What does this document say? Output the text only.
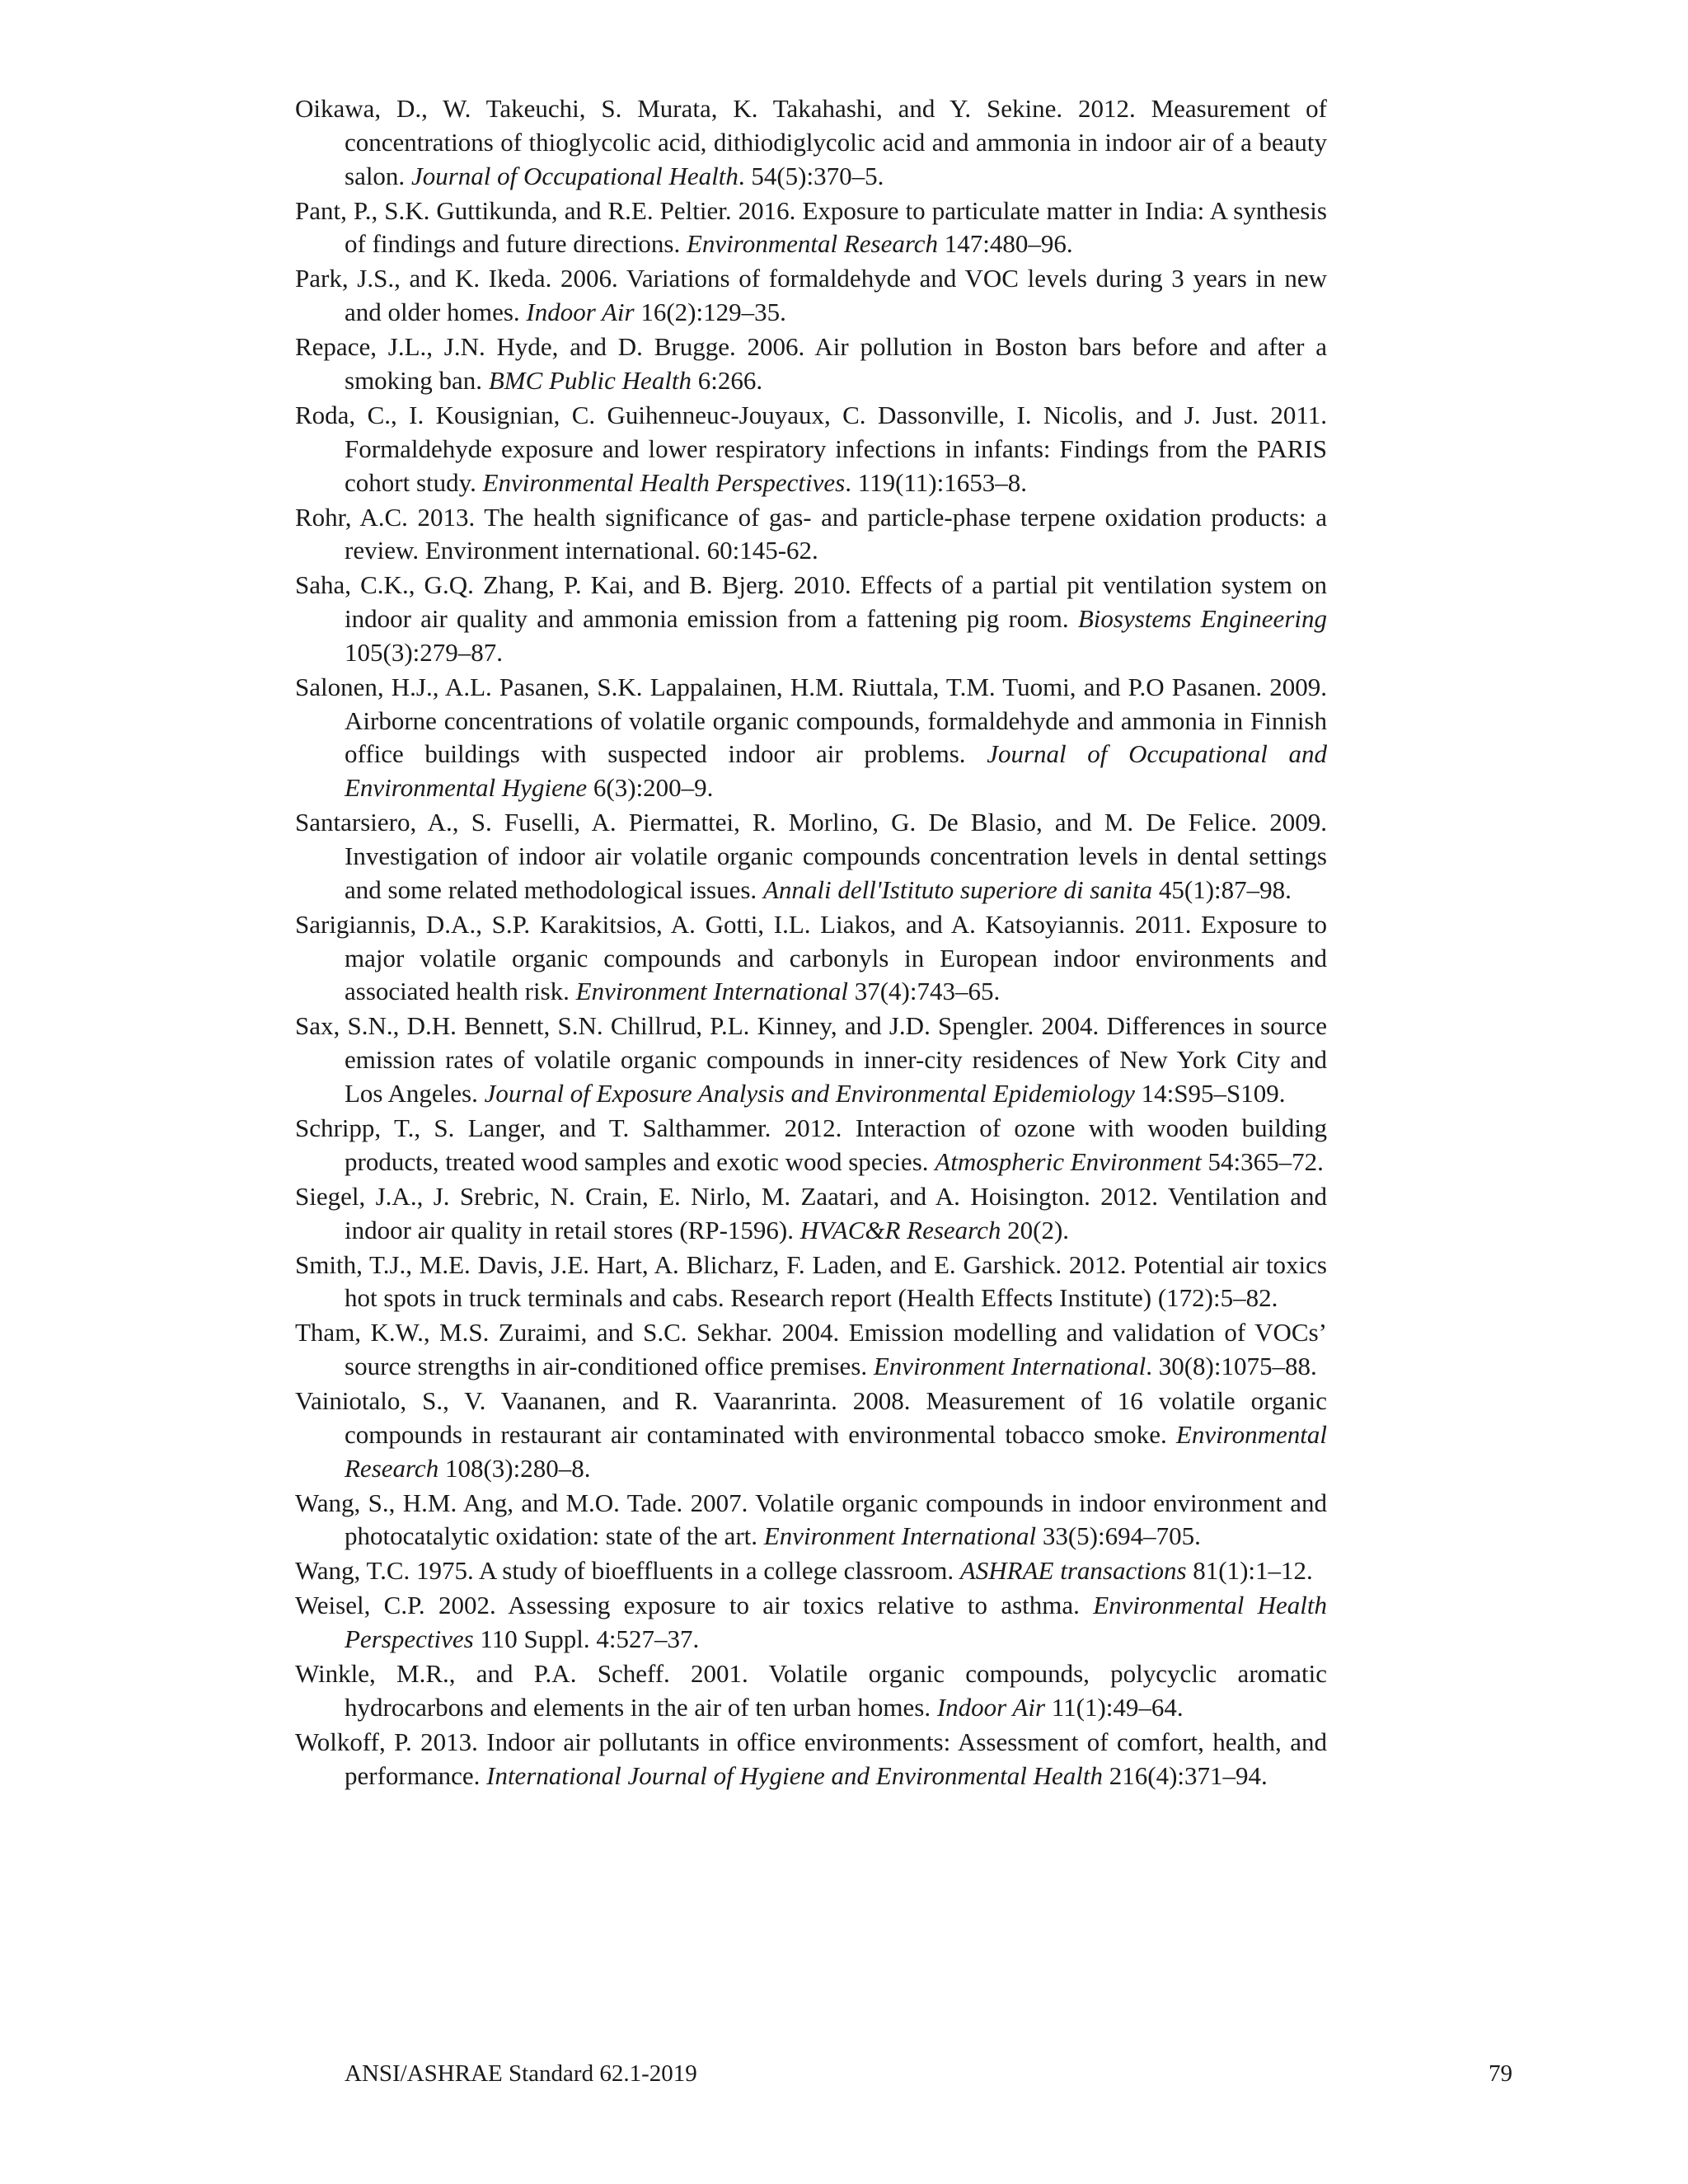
Oikawa, D., W. Takeuchi, S. Murata, K. Takahashi, and Y. Sekine. 2012. Measurement of concentrations of thioglycolic acid, dithiodiglycolic acid and ammonia in indoor air of a beauty salon. Journal of Occupational Health. 54(5):370–5.

Pant, P., S.K. Guttikunda, and R.E. Peltier. 2016. Exposure to particulate matter in India: A synthesis of findings and future directions. Environmental Research 147:480–96.

Park, J.S., and K. Ikeda. 2006. Variations of formaldehyde and VOC levels during 3 years in new and older homes. Indoor Air 16(2):129–35.

Repace, J.L., J.N. Hyde, and D. Brugge. 2006. Air pollution in Boston bars before and after a smoking ban. BMC Public Health 6:266.

Roda, C., I. Kousignian, C. Guihenneuc-Jouyaux, C. Dassonville, I. Nicolis, and J. Just. 2011. Formaldehyde exposure and lower respiratory infections in infants: Findings from the PARIS cohort study. Environmental Health Perspectives. 119(11):1653–8.

Rohr, A.C. 2013. The health significance of gas- and particle-phase terpene oxidation products: a review. Environment international. 60:145-62.

Saha, C.K., G.Q. Zhang, P. Kai, and B. Bjerg. 2010. Effects of a partial pit ventilation system on indoor air quality and ammonia emission from a fattening pig room. Biosystems Engineering 105(3):279–87.

Salonen, H.J., A.L. Pasanen, S.K. Lappalainen, H.M. Riuttala, T.M. Tuomi, and P.O Pasanen. 2009. Airborne concentrations of volatile organic compounds, formaldehyde and ammonia in Finnish office buildings with suspected indoor air problems. Journal of Occupational and Environmental Hygiene 6(3):200–9.

Santarsiero, A., S. Fuselli, A. Piermattei, R. Morlino, G. De Blasio, and M. De Felice. 2009. Investigation of indoor air volatile organic compounds concentration levels in dental settings and some related methodological issues. Annali dell'Istituto superiore di sanita 45(1):87–98.

Sarigiannis, D.A., S.P. Karakitsios, A. Gotti, I.L. Liakos, and A. Katsoyiannis. 2011. Exposure to major volatile organic compounds and carbonyls in European indoor environments and associated health risk. Environment International 37(4):743–65.

Sax, S.N., D.H. Bennett, S.N. Chillrud, P.L. Kinney, and J.D. Spengler. 2004. Differences in source emission rates of volatile organic compounds in inner-city residences of New York City and Los Angeles. Journal of Exposure Analysis and Environmental Epidemiology 14:S95–S109.

Schripp, T., S. Langer, and T. Salthammer. 2012. Interaction of ozone with wooden building products, treated wood samples and exotic wood species. Atmospheric Environment 54:365–72.

Siegel, J.A., J. Srebric, N. Crain, E. Nirlo, M. Zaatari, and A. Hoisington. 2012. Ventilation and indoor air quality in retail stores (RP-1596). HVAC&R Research 20(2).

Smith, T.J., M.E. Davis, J.E. Hart, A. Blicharz, F. Laden, and E. Garshick. 2012. Potential air toxics hot spots in truck terminals and cabs. Research report (Health Effects Institute) (172):5–82.

Tham, K.W., M.S. Zuraimi, and S.C. Sekhar. 2004. Emission modelling and validation of VOCs’ source strengths in air-conditioned office premises. Environment International. 30(8):1075–88.

Vainiotalo, S., V. Vaananen, and R. Vaaranrinta. 2008. Measurement of 16 volatile organic compounds in restaurant air contaminated with environmental tobacco smoke. Environmental Research 108(3):280–8.

Wang, S., H.M. Ang, and M.O. Tade. 2007. Volatile organic compounds in indoor environment and photocatalytic oxidation: state of the art. Environment International 33(5):694–705.

Wang, T.C. 1975. A study of bioeffluents in a college classroom. ASHRAE transactions 81(1):1–12.

Weisel, C.P. 2002. Assessing exposure to air toxics relative to asthma. Environmental Health Perspectives 110 Suppl. 4:527–37.

Winkle, M.R., and P.A. Scheff. 2001. Volatile organic compounds, polycyclic aromatic hydrocarbons and elements in the air of ten urban homes. Indoor Air 11(1):49–64.

Wolkoff, P. 2013. Indoor air pollutants in office environments: Assessment of comfort, health, and performance. International Journal of Hygiene and Environmental Health 216(4):371–94.

ANSI/ASHRAE Standard 62.1-2019	79
